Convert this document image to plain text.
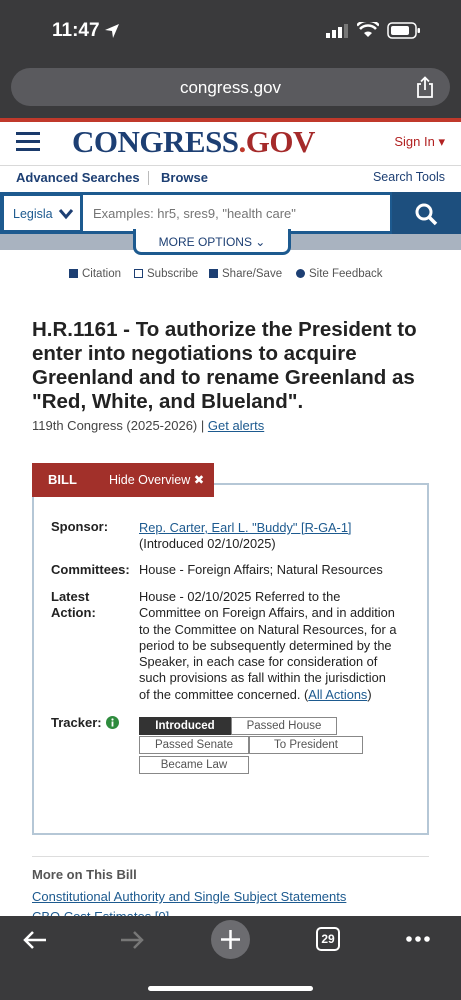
11:47
congress.gov
CONGRESS.GOV	Sign In ▾
Advanced Searches Browse	Search Tools
Legisla
Examples: hr5, sres9, "health care"
MORE OPTIONS ⌄
Citation	Subscribe	Share/Save	Site Feedback
H.R.1161 - To authorize the President to enter into negotiations to acquire Greenland and to rename Greenland as "Red, White, and Blueland".
119th Congress (2025-2026) | Get alerts
Sponsor: Rep. Carter, Earl L. "Buddy" [R-GA-1]
(Introduced 02/10/2025)
Committees: House - Foreign Affairs; Natural Resources
Latest
Action:
House - 02/10/2025 Referred to the
Committee on Foreign Affairs, and in addition
to the Committee on Natural Resources, for a
period to be subsequently determined by the
Speaker, in each case for consideration of
such provisions as fall within the jurisdiction
of the committee concerned. (All Actions)
Tracker:	Introduced	Passed House
Passed Senate	To President
Became Law
BILL	Hide Overview ✖
More on This Bill
Constitutional Authority and Single Subject Statements
29
